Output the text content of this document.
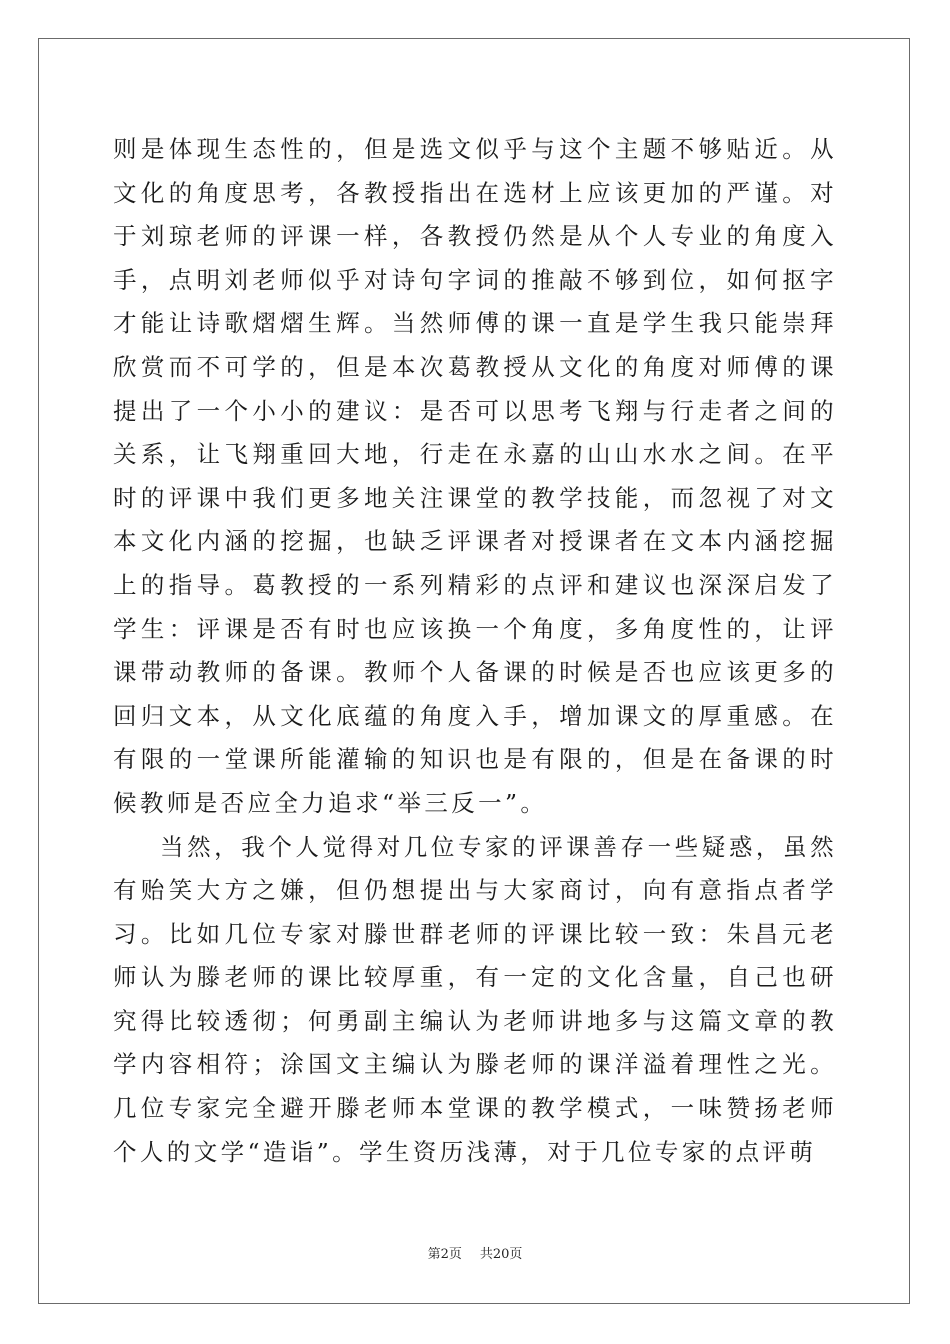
则是体现生态性的，但是选文似乎与这个主题不够贴近。从文化的角度思考，各教授指出在选材上应该更加的严谨。对于刘琼老师的评课一样，各教授仍然是从个人专业的角度入手，点明刘老师似乎对诗句字词的推敲不够到位，如何抠字才能让诗歌熠熠生辉。当然师傅的课一直是学生我只能崇拜欣赏而不可学的，但是本次葛教授从文化的角度对师傅的课提出了一个小小的建议：是否可以思考飞翔与行走者之间的关系，让飞翔重回大地，行走在永嘉的山山水水之间。在平时的评课中我们更多地关注课堂的教学技能，而忽视了对文本文化内涵的挖掘，也缺乏评课者对授课者在文本内涵挖掘上的指导。葛教授的一系列精彩的点评和建议也深深启发了学生：评课是否有时也应该换一个角度，多角度性的，让评课带动教师的备课。教师个人备课的时候是否也应该更多的回归文本，从文化底蕴的角度入手，增加课文的厚重感。在有限的一堂课所能灌输的知识也是有限的，但是在备课的时候教师是否应全力追求“举三反一”。

当然，我个人觉得对几位专家的评课善存一些疑惑，虽然有贻笑大方之嫌，但仍想提出与大家商讨，向有意指点者学习。比如几位专家对滕世群老师的评课比较一致：朱昌元老师认为滕老师的课比较厚重，有一定的文化含量，自己也研究得比较透彻；何勇副主编认为老师讲地多与这篇文章的教学内容相符；涂国文主编认为滕老师的课洋溢着理性之光。几位专家完全避开滕老师本堂课的教学模式，一味赞扬老师个人的文学“造诣”。学生资历浅薄，对于几位专家的点评萌

第2页 共20页
